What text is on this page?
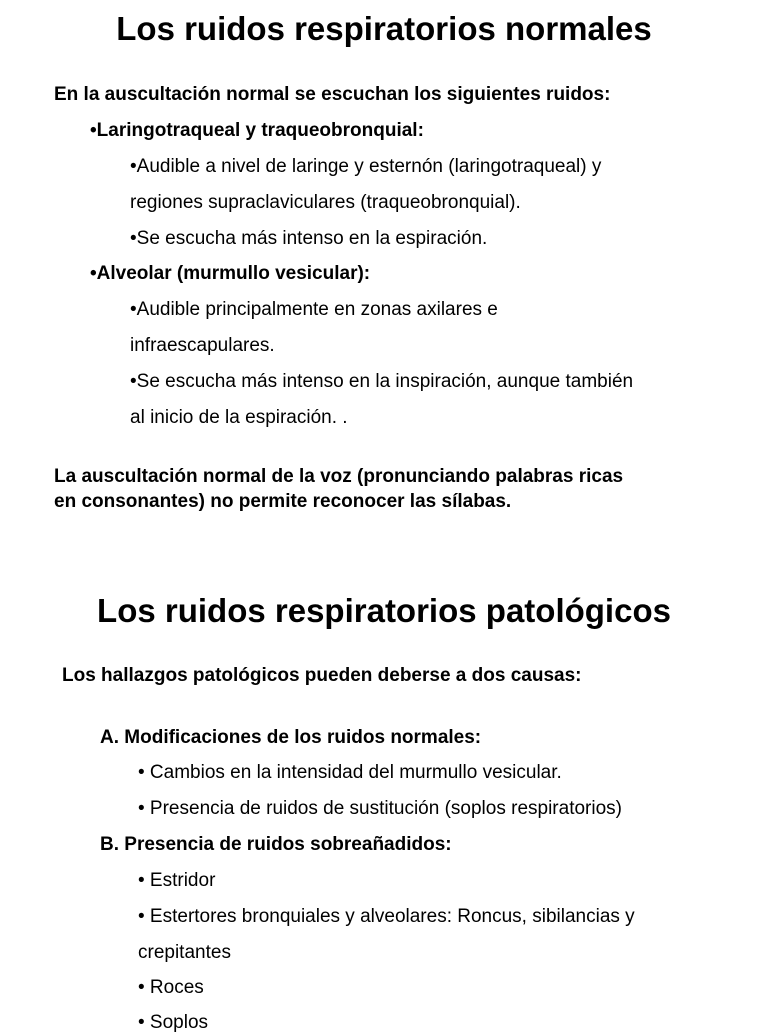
Los ruidos respiratorios normales
En la auscultación normal se escuchan los siguientes ruidos:
•Laringotraqueal y traqueobronquial:
•Audible a nivel de laringe y esternón (laringotraqueal) y
regiones supraclaviculares (traqueobronquial).
•Se escucha más intenso en la espiración.
•Alveolar (murmullo vesicular):
•Audible principalmente en zonas axilares e
infraescapulares.
•Se escucha más intenso en la inspiración, aunque también
al inicio de la espiración. .
La auscultación normal de la voz (pronunciando palabras ricas
en consonantes) no permite reconocer las sílabas.
Los ruidos respiratorios patológicos
Los hallazgos patológicos pueden deberse a dos causas:
A. Modificaciones de los ruidos normales:
• Cambios en la intensidad del murmullo vesicular.
• Presencia de ruidos de sustitución (soplos respiratorios)
B. Presencia de ruidos sobreañadidos:
• Estridor
• Estertores bronquiales y alveolares: Roncus, sibilancias y
crepitantes
• Roces
• Soplos
